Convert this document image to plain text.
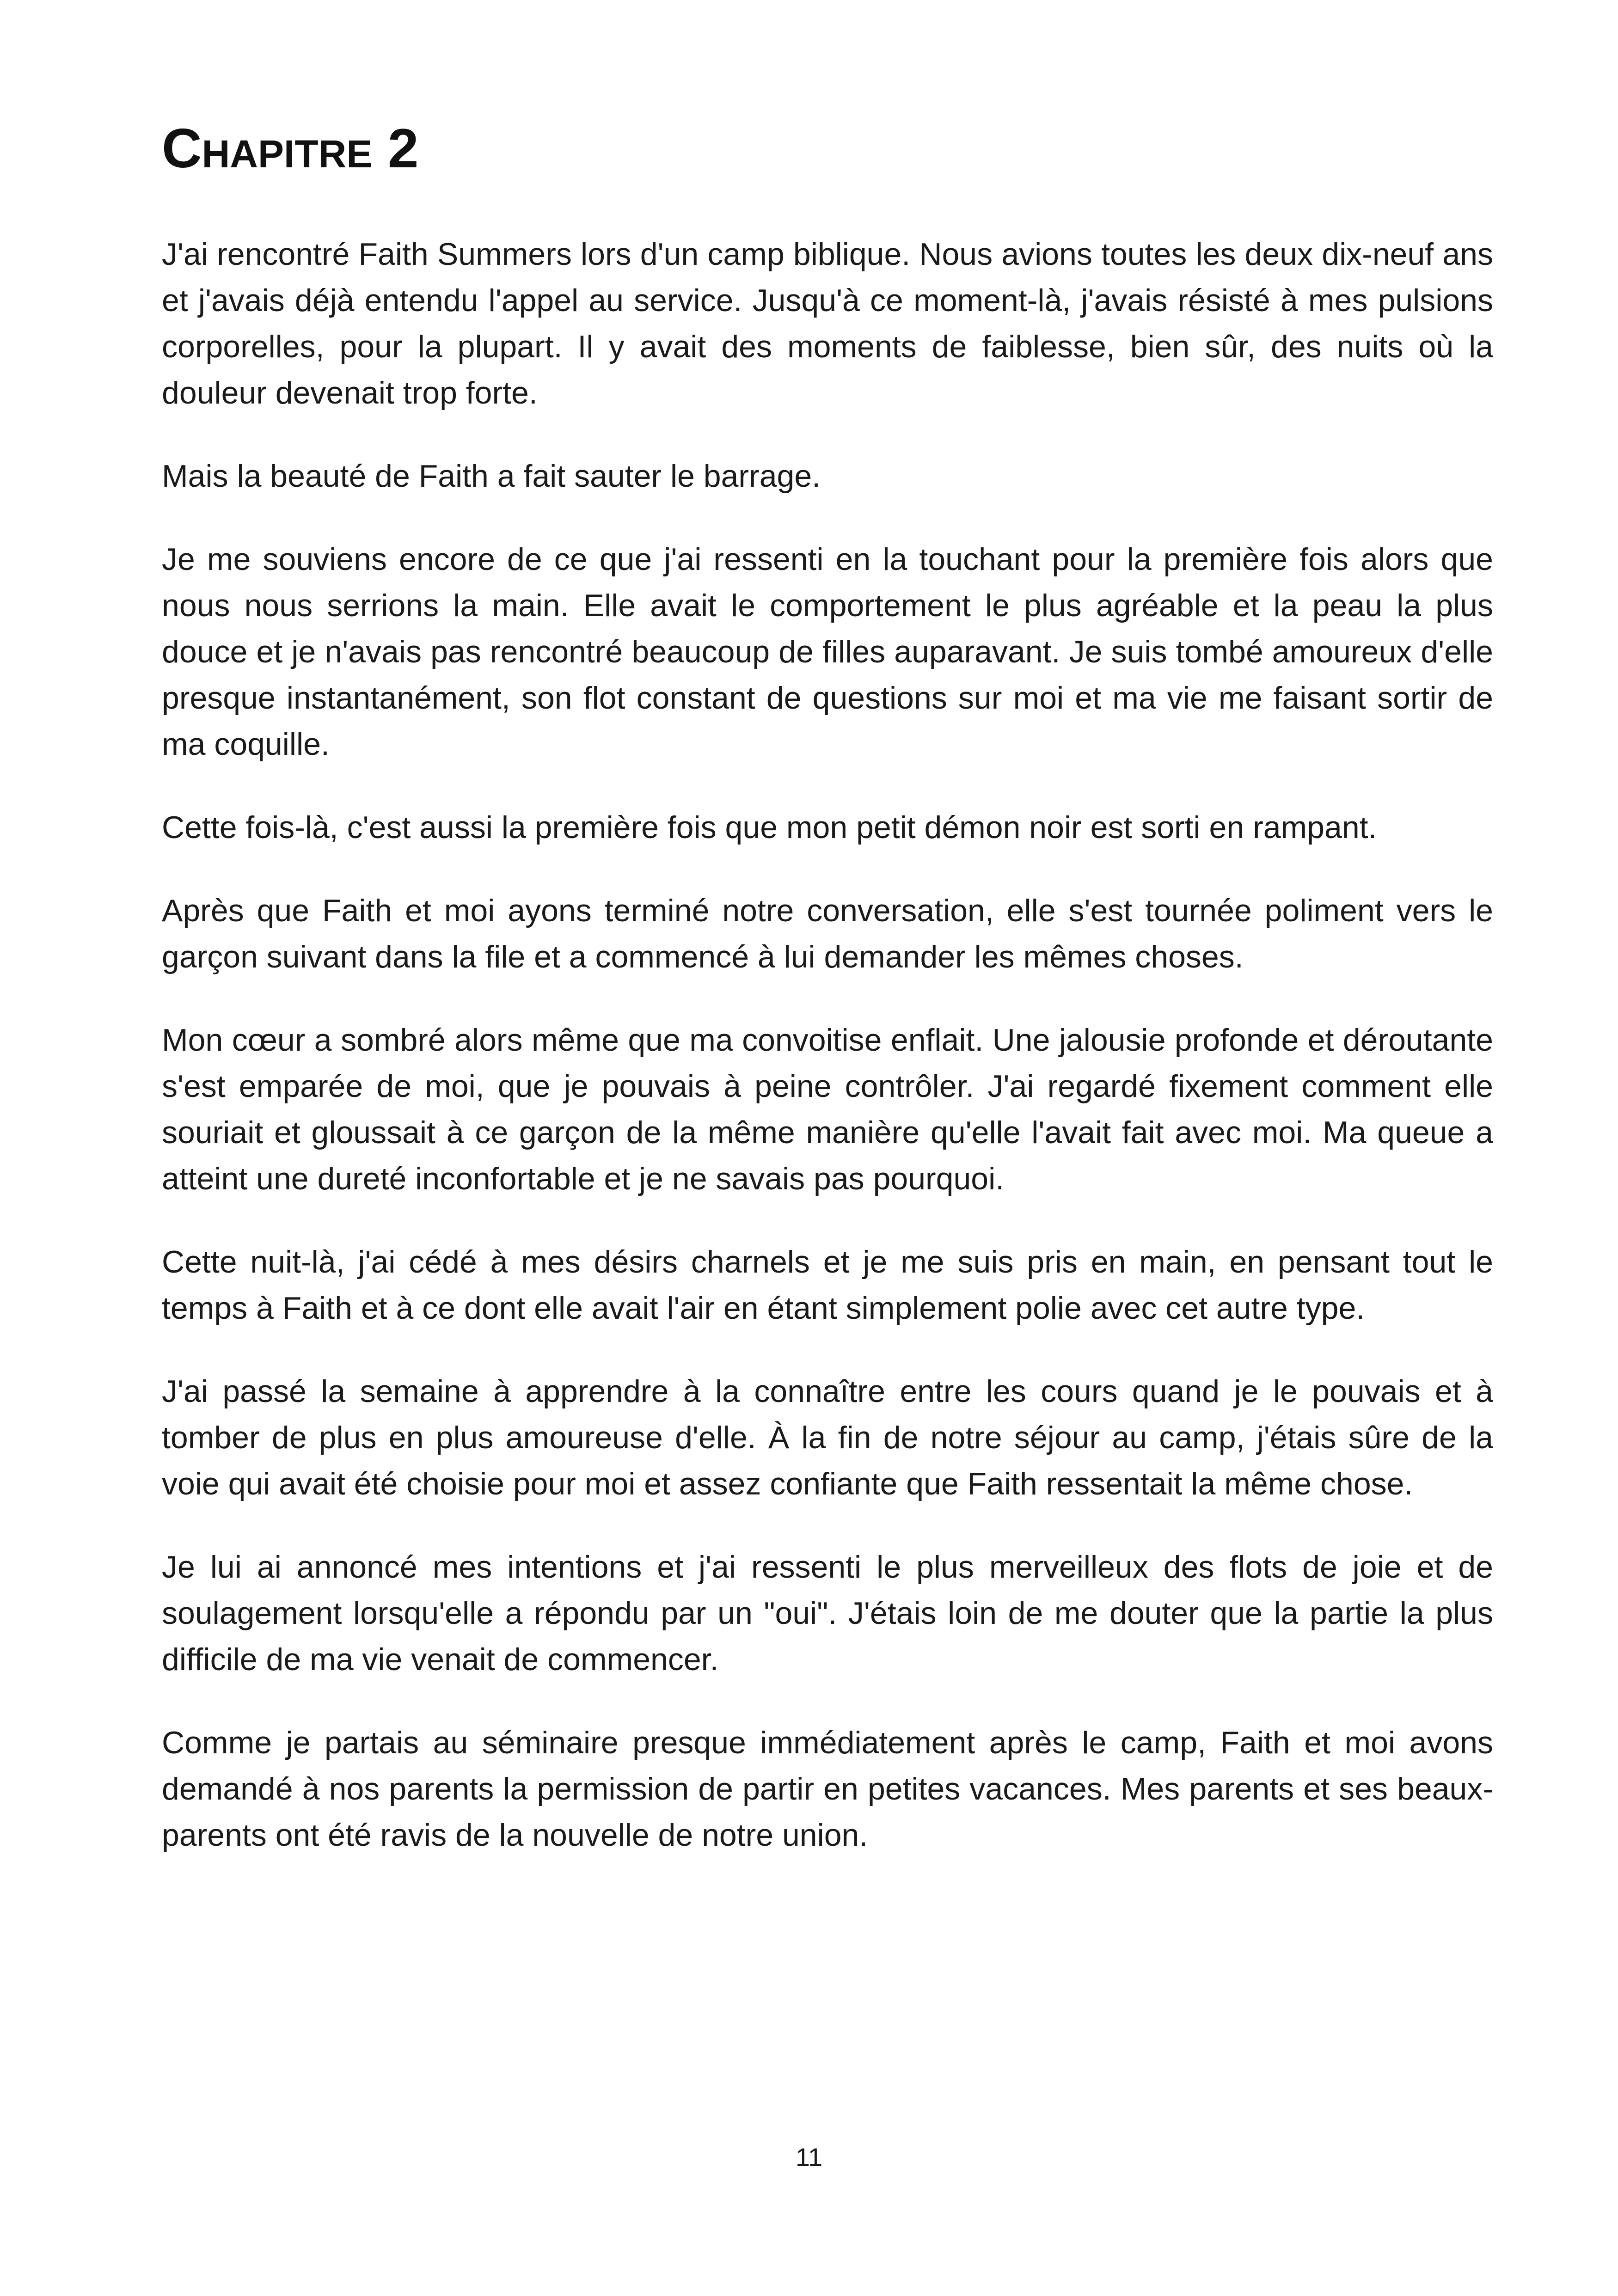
Chapitre 2

J'ai rencontré Faith Summers lors d'un camp biblique. Nous avions toutes les deux dix-neuf ans et j'avais déjà entendu l'appel au service. Jusqu'à ce moment-là, j'avais résisté à mes pulsions corporelles, pour la plupart. Il y avait des moments de faiblesse, bien sûr, des nuits où la douleur devenait trop forte.

Mais la beauté de Faith a fait sauter le barrage.

Je me souviens encore de ce que j'ai ressenti en la touchant pour la première fois alors que nous nous serrions la main. Elle avait le comportement le plus agréable et la peau la plus douce et je n'avais pas rencontré beaucoup de filles auparavant. Je suis tombé amoureux d'elle presque instantanément, son flot constant de questions sur moi et ma vie me faisant sortir de ma coquille.

Cette fois-là, c'est aussi la première fois que mon petit démon noir est sorti en rampant.

Après que Faith et moi ayons terminé notre conversation, elle s'est tournée poliment vers le garçon suivant dans la file et a commencé à lui demander les mêmes choses.

Mon cœur a sombré alors même que ma convoitise enflait. Une jalousie profonde et déroutante s'est emparée de moi, que je pouvais à peine contrôler. J'ai regardé fixement comment elle souriait et gloussait à ce garçon de la même manière qu'elle l'avait fait avec moi. Ma queue a atteint une dureté inconfortable et je ne savais pas pourquoi.

Cette nuit-là, j'ai cédé à mes désirs charnels et je me suis pris en main, en pensant tout le temps à Faith et à ce dont elle avait l'air en étant simplement polie avec cet autre type.

J'ai passé la semaine à apprendre à la connaître entre les cours quand je le pouvais et à tomber de plus en plus amoureuse d'elle. À la fin de notre séjour au camp, j'étais sûre de la voie qui avait été choisie pour moi et assez confiante que Faith ressentait la même chose.

Je lui ai annoncé mes intentions et j'ai ressenti le plus merveilleux des flots de joie et de soulagement lorsqu'elle a répondu par un "oui". J'étais loin de me douter que la partie la plus difficile de ma vie venait de commencer.

Comme je partais au séminaire presque immédiatement après le camp, Faith et moi avons demandé à nos parents la permission de partir en petites vacances. Mes parents et ses beaux-parents ont été ravis de la nouvelle de notre union.

11
